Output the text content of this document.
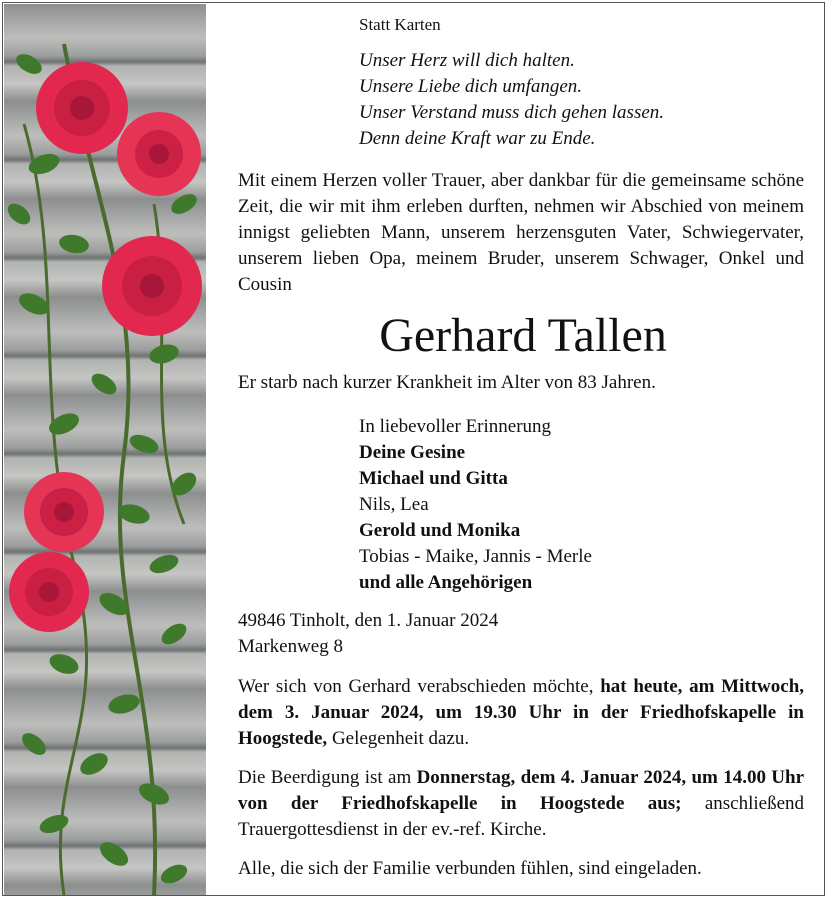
Statt Karten
Unser Herz will dich halten.
Unsere Liebe dich umfangen.
Unser Verstand muss dich gehen lassen.
Denn deine Kraft war zu Ende.
Mit einem Herzen voller Trauer, aber dankbar für die gemeinsame schöne Zeit, die wir mit ihm erleben durften, nehmen wir Abschied von meinem innigst geliebten Mann, unserem herzensguten Vater, Schwiegervater, unserem lieben Opa, meinem Bruder, unserem Schwager, Onkel und Cousin
Gerhard Tallen
Er starb nach kurzer Krankheit im Alter von 83 Jahren.
In liebevoller Erinnerung
Deine Gesine
Michael und Gitta
Nils, Lea
Gerold und Monika
Tobias - Maike, Jannis - Merle
und alle Angehörigen
49846 Tinholt, den 1. Januar 2024
Markenweg 8
Wer sich von Gerhard verabschieden möchte, hat heute, am Mittwoch, dem 3. Januar 2024, um 19.30 Uhr in der Friedhofskapelle in Hoogstede, Gelegenheit dazu.
Die Beerdigung ist am Donnerstag, dem 4. Januar 2024, um 14.00 Uhr von der Friedhofskapelle in Hoogstede aus; anschließend Trauergottesdienst in der ev.-ref. Kirche.
Alle, die sich der Familie verbunden fühlen, sind eingeladen.
